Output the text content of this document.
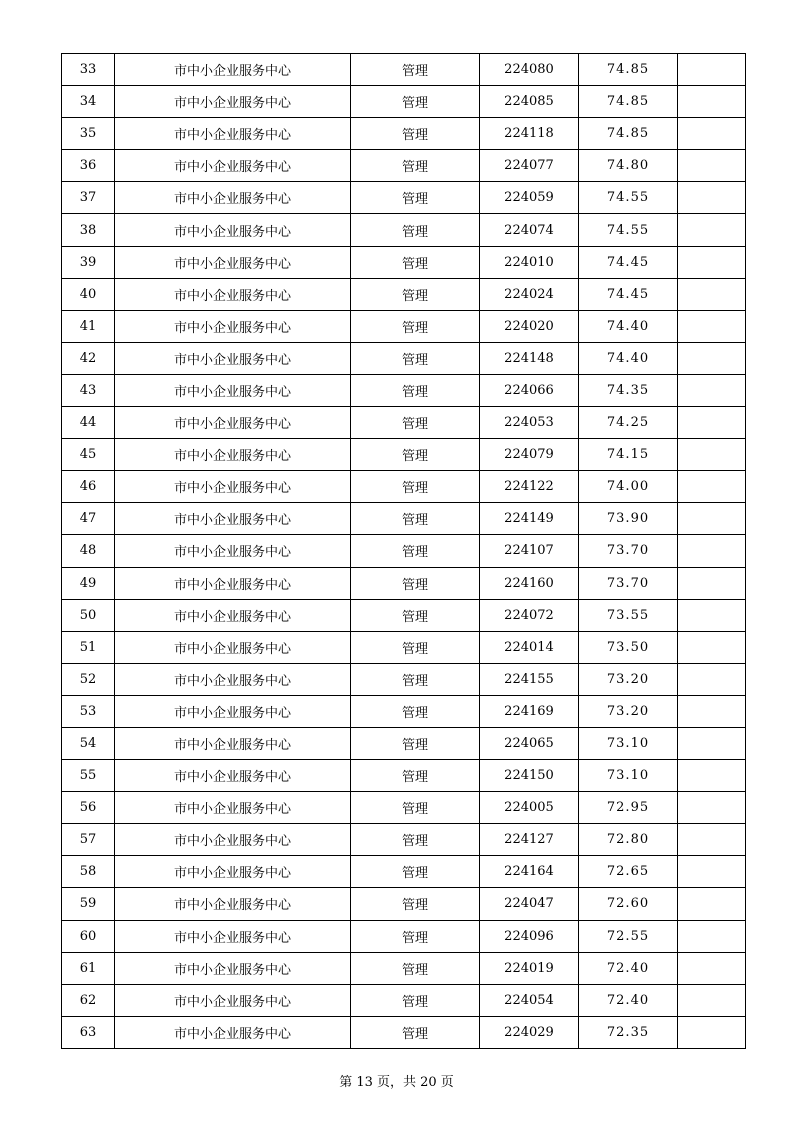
33	市中小企业服务中心	管理	224080	74.85	
34	市中小企业服务中心	管理	224085	74.85	
35	市中小企业服务中心	管理	224118	74.85	
36	市中小企业服务中心	管理	224077	74.80	
37	市中小企业服务中心	管理	224059	74.55	
38	市中小企业服务中心	管理	224074	74.55	
39	市中小企业服务中心	管理	224010	74.45	
40	市中小企业服务中心	管理	224024	74.45	
41	市中小企业服务中心	管理	224020	74.40	
42	市中小企业服务中心	管理	224148	74.40	
43	市中小企业服务中心	管理	224066	74.35	
44	市中小企业服务中心	管理	224053	74.25	
45	市中小企业服务中心	管理	224079	74.15	
46	市中小企业服务中心	管理	224122	74.00	
47	市中小企业服务中心	管理	224149	73.90	
48	市中小企业服务中心	管理	224107	73.70	
49	市中小企业服务中心	管理	224160	73.70	
50	市中小企业服务中心	管理	224072	73.55	
51	市中小企业服务中心	管理	224014	73.50	
52	市中小企业服务中心	管理	224155	73.20	
53	市中小企业服务中心	管理	224169	73.20	
54	市中小企业服务中心	管理	224065	73.10	
55	市中小企业服务中心	管理	224150	73.10	
56	市中小企业服务中心	管理	224005	72.95	
57	市中小企业服务中心	管理	224127	72.80	
58	市中小企业服务中心	管理	224164	72.65	
59	市中小企业服务中心	管理	224047	72.60	
60	市中小企业服务中心	管理	224096	72.55	
61	市中小企业服务中心	管理	224019	72.40	
62	市中小企业服务中心	管理	224054	72.40	
63	市中小企业服务中心	管理	224029	72.35	
第 13 页，共 20 页
